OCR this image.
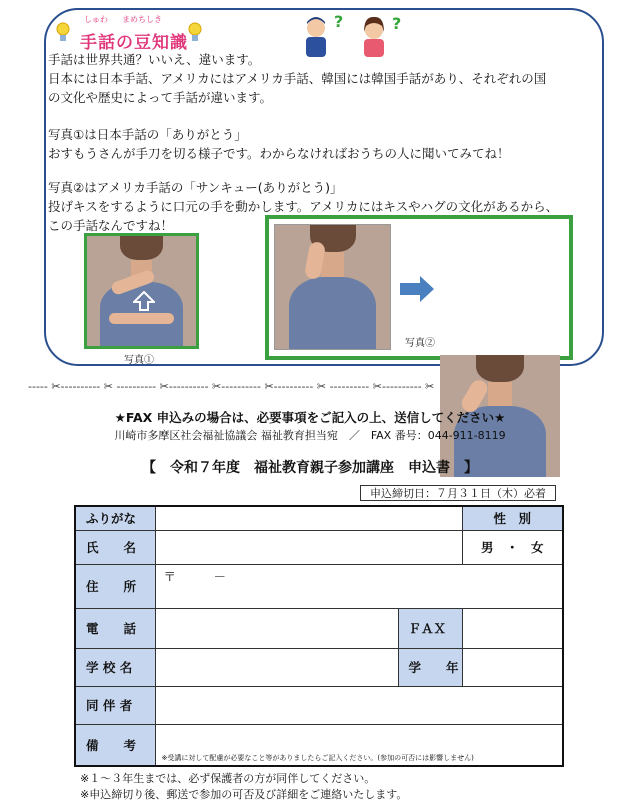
しゅわ まめちしき
手話の豆知識
?	?
手話は世界共通？いいえ、違います。
日本には日本手話、アメリカにはアメリカ手話、韓国には韓国手話があり、それぞれの国
の文化や歴史によって手話が違います。
写真①は日本手話の「ありがとう」
おすもうさんが手刀を切る様子です。わからなければおうちの人に聞いてみてね！
写真②はアメリカ手話の「サンキュー(ありがとう)」
投げキスをするように口元の手を動かします。アメリカにはキスやハグの文化があるから、
この手話なんですね！
写真①
写真②
----- ✂---------- ✂ ---------- ✂---------- ✂---------- ✂---------- ✂ ---------- ✂---------- ✂
★FAX 申込みの場合は、必要事項をご記入の上、送信してください★
川崎市多摩区社会福祉協議会 福祉教育担当宛　／　FAX 番号：044-911-8119
【　令和７年度　福祉教育親子参加講座　申込書　】
申込締切日：７月３１日（木）必着
ふりがな			性　別
氏　　名			男　・　女
住　　所	〒　　　－		
電　　話		ＦＡＸ	
学 校 名		学　　年	
同 伴 者			
備　　考	※受講に対して配慮が必要なこと等がありましたらご記入ください。(参加の可否には影響しません)		
※１～３年生までは、必ず保護者の方が同伴してください。
※申込締切り後、郵送で参加の可否及び詳細をご連絡いたします。
